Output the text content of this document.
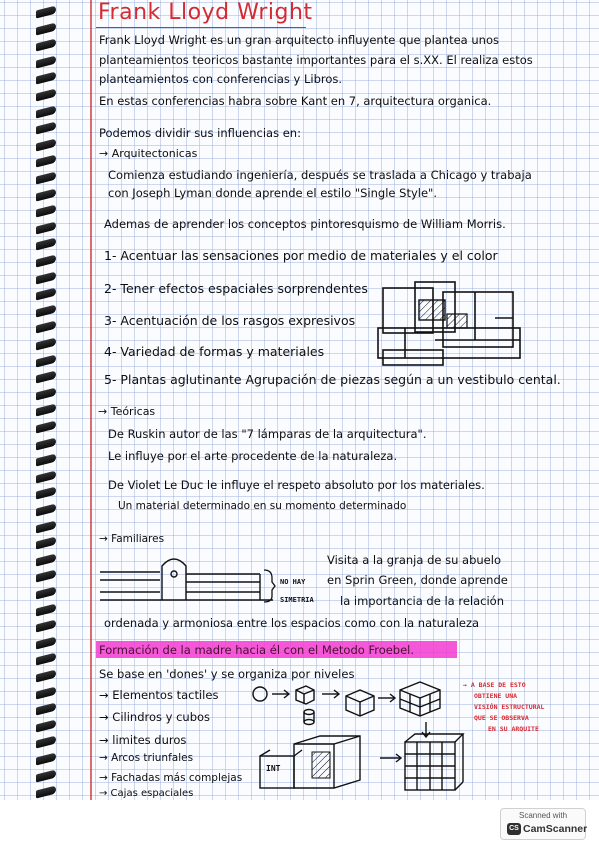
Frank Lloyd Wright
Frank Lloyd Wright es un gran arquitecto influyente que plantea unos
planteamientos teoricos bastante importantes para el s.XX. El realiza estos
planteamientos con conferencias y Libros.
En estas conferencias habra sobre Kant en 7, arquitectura organica.
Podemos dividir sus influencias en:
→ Arquitectonicas
Comienza estudiando ingeniería, después se traslada a Chicago y trabaja
con Joseph Lyman donde aprende el estilo "Single Style".
Ademas de aprender los conceptos pintoresquismo de William Morris.
1- Acentuar las sensaciones por medio de materiales y el color
2- Tener efectos espaciales sorprendentes
3- Acentuación de los rasgos expresivos
4- Variedad de formas y materiales
5- Plantas aglutinante Agrupación de piezas según a un vestibulo cental.
→ Teóricas
De Ruskin autor de las "7 lámparas de la arquitectura".
Le influye por el arte procedente de la naturaleza.
De Violet Le Duc le influye el respeto absoluto por los materiales.
Un material determinado en su momento determinado
→ Familiares
NO HAY
SIMETRIA
Visita a la granja de su abuelo
en Sprin Green, donde aprende
la importancia de la relación
ordenada y armoniosa entre los espacios como con la naturaleza
Formación de la madre hacia él con el Metodo Froebel.
Se base en 'dones' y se organiza por niveles
→ Elementos tactiles
→ Cilindros y cubos
→ limites duros
→ Arcos triunfales
→ Fachadas más complejas
→ Cajas espaciales
INT
→ A BASE DE ESTO
OBTIENE UNA
VISIÓN ESTRUCTURAL
QUE SE OBSERVA
EN SU ARQUITE
Scanned with
CS CamScanner
